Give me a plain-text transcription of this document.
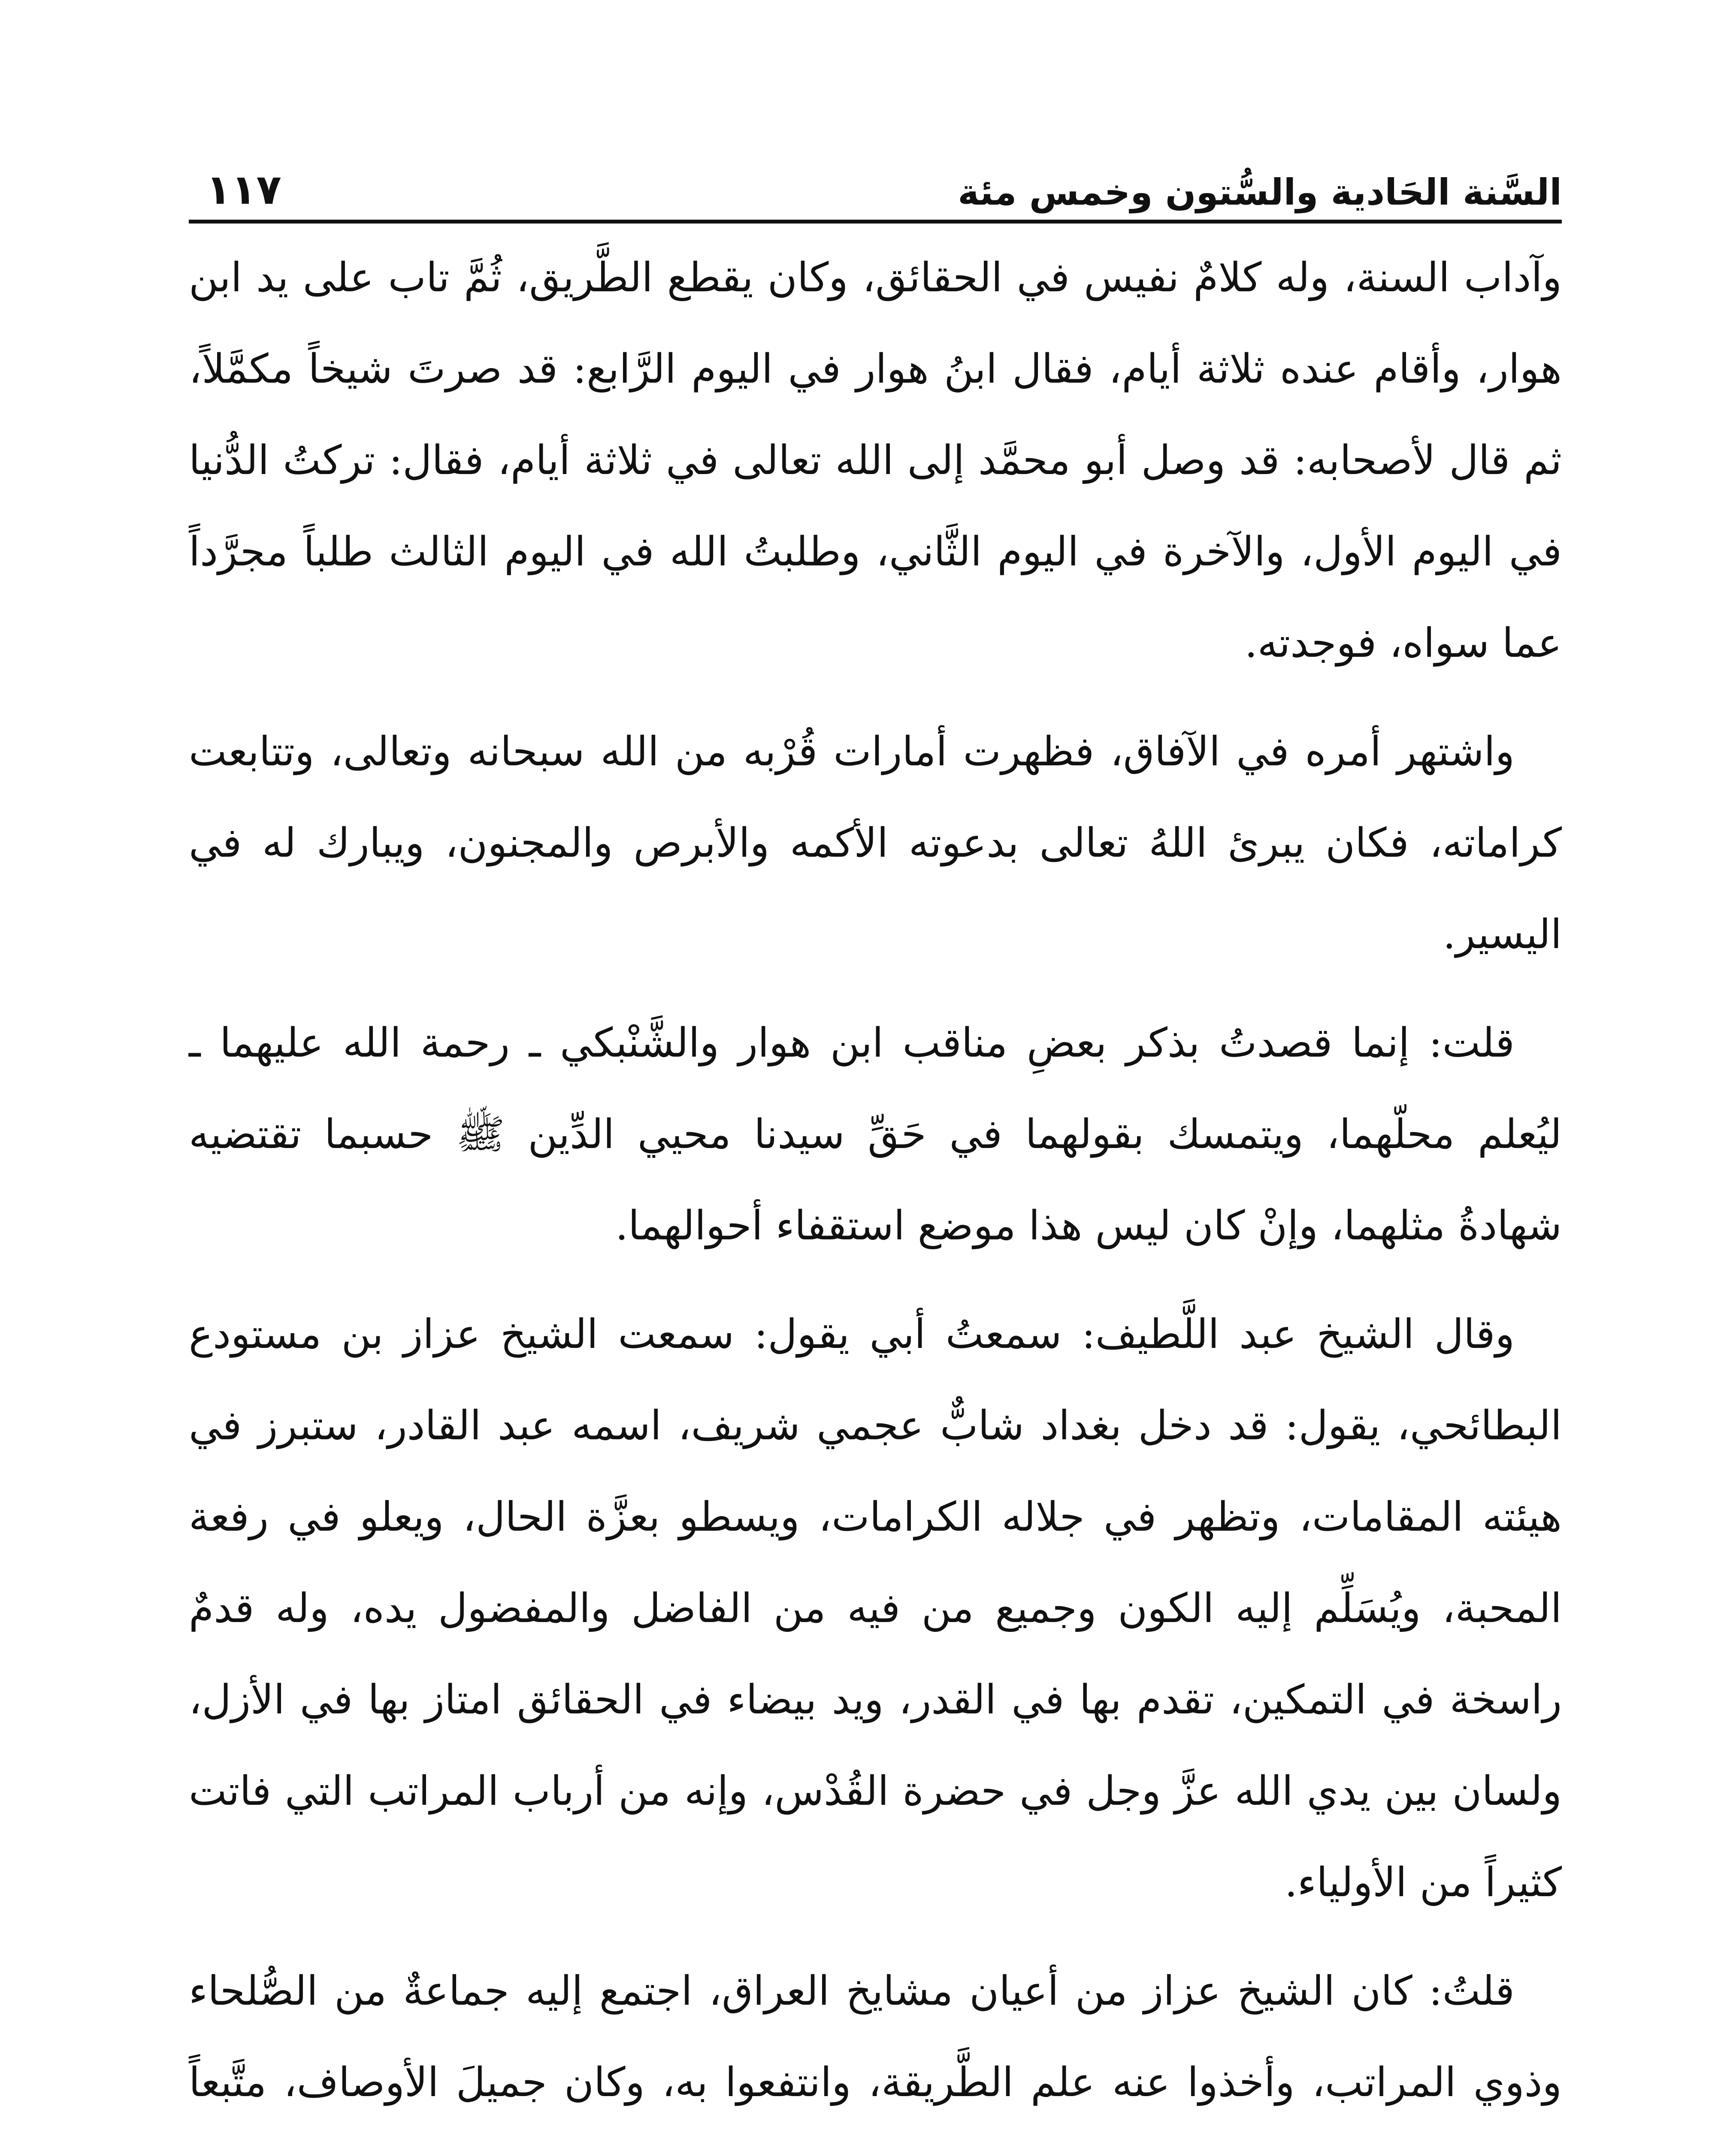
السَّنة الحَادية والسُّتون وخمس مئة
١١٧

وآداب السنة، وله كلامٌ نفيس في الحقائق، وكان يقطع الطَّريق، ثُمَّ تاب على يد ابن هوار، وأقام عنده ثلاثة أيام، فقال ابنُ هوار في اليوم الرَّابع: قد صرتَ شيخاً مكمَّلاً، ثم قال لأصحابه: قد وصل أبو محمَّد إلى الله تعالى في ثلاثة أيام، فقال: تركتُ الدُّنيا في اليوم الأول، والآخرة في اليوم الثَّاني، وطلبتُ الله في اليوم الثالث طلباً مجرَّداً عما سواه، فوجدته.

واشتهر أمره في الآفاق، فظهرت أمارات قُرْبه من الله سبحانه وتعالى، وتتابعت كراماته، فكان يبرئ اللهُ تعالى بدعوته الأكمه والأبرص والمجنون، ويبارك له في اليسير.

قلت: إنما قصدتُ بذكر بعضِ مناقب ابن هوار والشَّنْبكي ـ رحمة الله عليهما ـ ليُعلم محلّهما، ويتمسك بقولهما في حَقِّ سيدنا محيي الدِّين ﷺ حسبما تقتضيه شهادةُ مثلهما، وإنْ كان ليس هذا موضع استقفاء أحوالهما.

وقال الشيخ عبد اللَّطيف: سمعتُ أبي يقول: سمعت الشيخ عزاز بن مستودع البطائحي، يقول: قد دخل بغداد شابٌّ عجمي شريف، اسمه عبد القادر، ستبرز في هيئته المقامات، وتظهر في جلاله الكرامات، ويسطو بعزَّة الحال، ويعلو في رفعة المحبة، ويُسَلِّم إليه الكون وجميع من فيه من الفاضل والمفضول يده، وله قدمٌ راسخة في التمكين، تقدم بها في القدر، ويد بيضاء في الحقائق امتاز بها في الأزل، ولسان بين يدي الله عزَّ وجل في حضرة القُدْس، وإنه من أرباب المراتب التي فاتت كثيراً من الأولياء.

قلتُ: كان الشيخ عزاز من أعيان مشايخ العراق، اجتمع إليه جماعةٌ من الصُّلحاء وذوي المراتب، وأخذوا عنه علم الطَّريقة، وانتفعوا به، وكان جميلَ الأوصاف، متَّبعاً
